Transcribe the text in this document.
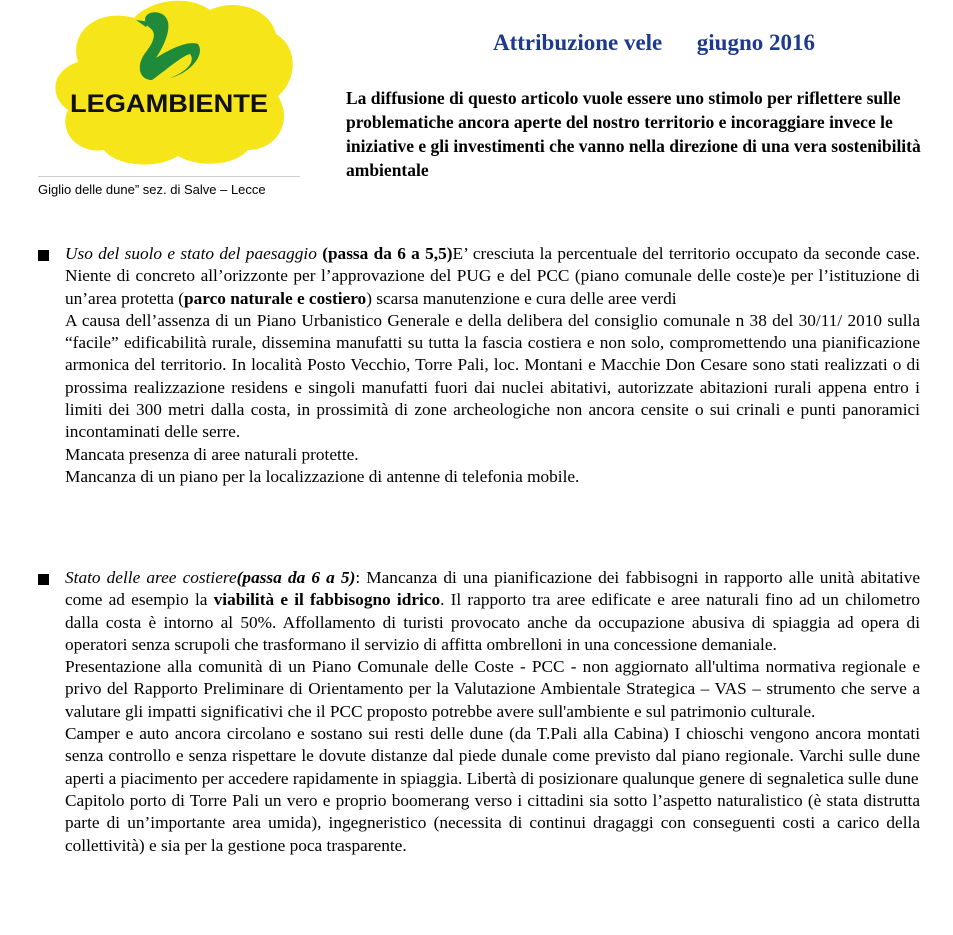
LEGAMBIENTE
Giglio delle dune” sez. di Salve – Lecce
Attribuzione vele      giugno 2016

La diffusione di questo articolo vuole essere uno stimolo per riflettere sulle problematiche ancora aperte del nostro territorio e incoraggiare invece le iniziative e gli investimenti che vanno nella direzione di una vera sostenibilità ambientale

Uso del suolo e stato del paesaggio (passa da 6 a 5,5)E’ cresciuta la percentuale del territorio occupato da seconde case. Niente di concreto all’orizzonte per l’approvazione del PUG e del PCC (piano comunale delle coste)e per l’istituzione di un’area protetta (parco naturale e costiero) scarsa manutenzione e cura delle aree verdi

A causa dell’assenza di un Piano Urbanistico Generale e della delibera del consiglio comunale n 38 del 30/11/ 2010 sulla “facile” edificabilità rurale, dissemina manufatti su tutta la fascia costiera e non solo, compromettendo una pianificazione armonica del territorio. In località Posto Vecchio, Torre Pali, loc. Montani e Macchie Don Cesare sono stati realizzati o di prossima realizzazione residens e singoli manufatti fuori dai nuclei abitativi, autorizzate abitazioni rurali appena entro i limiti dei 300 metri dalla costa, in prossimità di zone archeologiche non ancora censite o sui crinali e punti panoramici incontaminati delle serre.

Mancata presenza di aree naturali protette.

Mancanza di un piano per la localizzazione di antenne di telefonia mobile.

Stato delle aree costiere(passa da 6 a 5): Mancanza di una pianificazione dei fabbisogni in rapporto alle unità abitative come ad esempio la viabilità e il fabbisogno idrico. Il rapporto tra aree edificate e aree naturali fino ad un chilometro dalla costa è intorno al 50%. Affollamento di turisti provocato anche da occupazione abusiva di spiaggia ad opera di operatori senza scrupoli che trasformano il servizio di affitta ombrelloni in una concessione demaniale.

Presentazione alla comunità di un Piano Comunale delle Coste - PCC - non aggiornato all'ultima normativa regionale e privo del Rapporto Preliminare di Orientamento per la Valutazione Ambientale Strategica – VAS – strumento che serve a valutare gli impatti significativi che il PCC proposto potrebbe avere sull'ambiente e sul patrimonio culturale.

Camper e auto ancora circolano e sostano sui resti delle dune (da T.Pali alla Cabina) I chioschi vengono ancora montati senza controllo e senza rispettare le dovute distanze dal piede dunale come previsto dal piano regionale. Varchi sulle dune aperti a piacimento per accedere rapidamente in spiaggia. Libertà di posizionare qualunque genere di segnaletica sulle dune

Capitolo porto di Torre Pali un vero e proprio boomerang verso i cittadini sia sotto l’aspetto naturalistico (è stata distrutta parte di un’importante area umida), ingegneristico (necessita di continui dragaggi con conseguenti costi a carico della collettività) e sia per la gestione poca trasparente.
